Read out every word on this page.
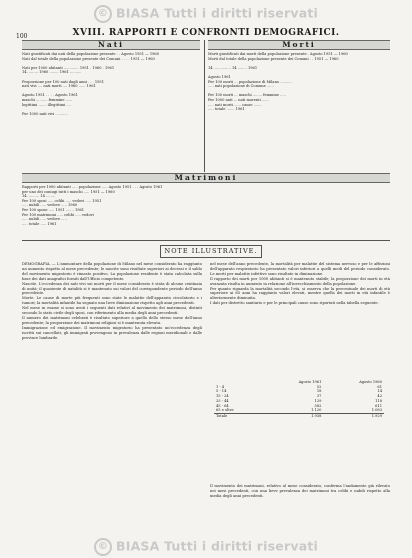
© BIASA Tutti i diritti riservati
© BIASA Tutti i diritti riservati
100	XVIII. RAPPORTI E CONFRONTI DEMOGRAFICI.
Nati	Morti
Nati giustificati dai nati della popolazione presente . . Agosto 1951 — 1960
Nati dal totale della popolazione presente dei Comuni . . . . 1951 — 1960

Nati per 1000 abitanti ............. 1951 . 1960 . 1961
14. ........ 1960 ........ 1961 ..........

Proporzione per 100 nati dagli anni . . . 1951
nati vivi .... nati morti .... 1960 ...... 1961

Agosto 1951 . . . . Agosto 1961
maschi .......... femmine ......
legittimi ....... illegittimi ....

Per 1000 nati vivi ...........
Morti giustificati dai morti della popolazione presente . Agosto 1951 — 1960
Morti dal totale della popolazione presente dei Comuni . . 1951 — 1960

14. .............. 14 ........ 1961

Agosto 1961
Per 100 morti ... popolazione di Milano ..........
..... nati popolazione di Comune ......

Per 100 morti ... maschi ........ femmine .....
Per 1000 nati ... nati morenti ......
..... nati morti ...... cause .......
..... totale ....... 1961
Matrimoni
Rapporti per 1000 abitanti ..... popolazione ..... Agosto 1951 . . . Agosto 1961
per uno dei coniugi tutti i maschi ..... 1951 — 1960
14. ......... 14 ........
Per 100 sposi ..... celibi ..... vedovi ..... 1951
..... nubili ..... vedove ..... 1960
Per 100 spose ..... 1951 ....... 1961
Per 100 matrimoni ..... celibi ..... vedovi
..... nubili ..... vedove .....
..... totale ..... 1961
NOTE ILLUSTRATIVE.

DEMOGRAFIA. — L'ammontare della popolazione di Milano nel mese considerato ha raggiunto un aumento rispetto al mese precedente; le nascite sono risultate superiori ai decessi e il saldo del movimento migratorio è rimasto positivo. La popolazione residente è stata calcolata sulla base dei dati anagrafici forniti dall'Ufficio competente.

Nascite. L'eccedenza dei nati vivi sui morti per il mese considerato è stata di alcune centinaia di unità; il quoziente di natalità si è mantenuto sui valori del corrispondente periodo dell'anno precedente.

Morte. Le cause di morte più frequenti sono state le malattie dell'apparato circolatorio e i tumori; la mortalità infantile ha segnato una lieve diminuzione rispetto agli anni precedenti.

Nel mese in esame si sono avuti i seguenti dati relativi al movimento dei matrimoni, distinti secondo lo stato civile degli sposi, con riferimento alla media degli anni precedenti.

Il numero dei matrimoni celebrati è risultato superiore a quello dello stesso mese dell'anno precedente; la proporzione dei matrimoni religiosi si è mantenuta elevata.

Immigrazione ed emigrazione. Il movimento migratorio ha presentato un'eccedenza degli iscritti sui cancellati; gli immigrati provengono in prevalenza dalle regioni meridionali e dalle province lombarde.

nel mese dell'anno precedente, la mortalità per malattie del sistema nervoso e per le affezioni dell'apparato respiratorio ha presentato valori inferiori a quelli medi del periodo considerato. Le morti per malattie infettive sono risultate in diminuzione.

Il rapporto dei morti per 1000 abitanti si è mantenuto stabile; la proporzione dei morti in età avanzata risulta in aumento in relazione all'invecchiamento della popolazione.

Per quanto riguarda la mortalità secondo l'età, si osserva che la percentuale dei morti di età superiore ai 65 anni ha raggiunto valori elevati, mentre quella dei morti in età infantile è ulteriormente diminuita.

I dati per distretto sanitario e per le principali cause sono riportati nella tabella seguente.

	Agosto 1961	Agosto 1960
1 - 4	52	61
5 - 14	18	14
15 - 24	37	42
25 - 44	129	118
45 - 64	582	611
65 e oltre	1.120	1.083
Totale	1.938	1.929

Il movimento dei matrimoni, relativo al mese considerato, conferma l'andamento già rilevato nei mesi precedenti, con una lieve prevalenza dei matrimoni tra celibi e nubili rispetto alla media degli anni precedenti.
